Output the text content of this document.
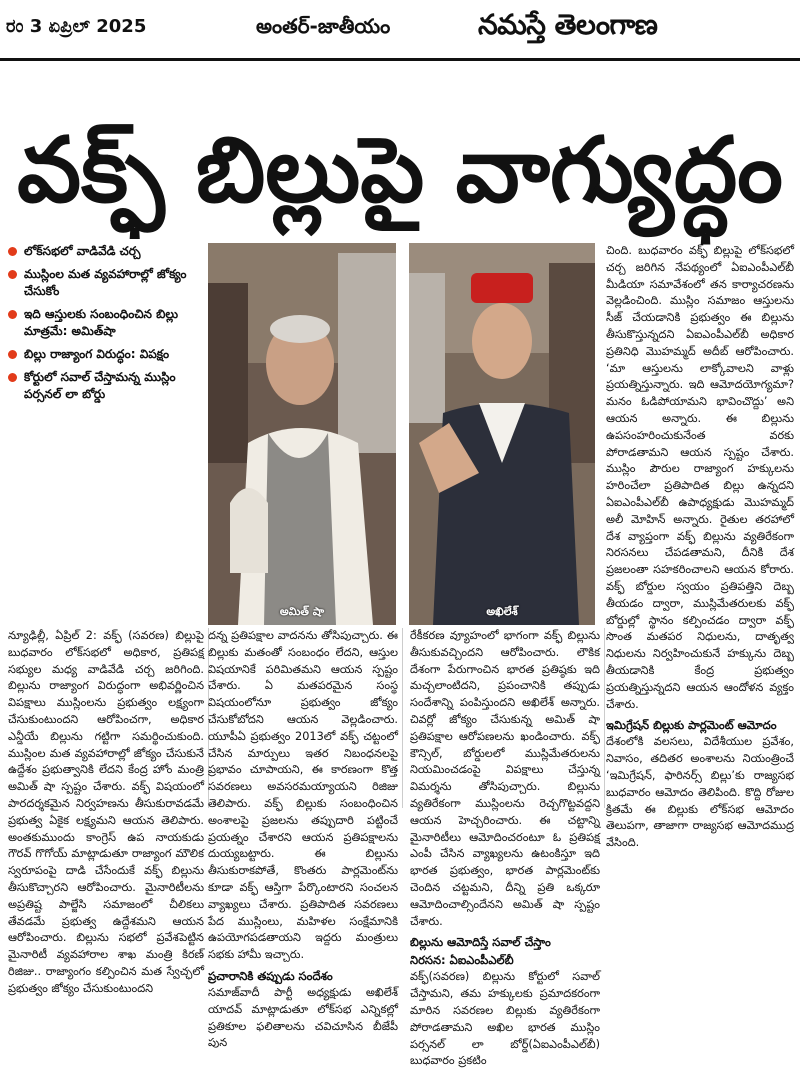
ರಂ 3 ಏಪ್ರಿಲ್ 2025	అంతర్-జాతీయం	నమస్తే తెలంగాణ
వక్ఫ్ బిల్లుపై వాగ్యుద్ధం
లోక్‌సభలో వాడివేడి చర్చ
ముస్లింల మత వ్యవహారాల్లో జోక్యం చేసుకోం
ఇది ఆస్తులకు సంబంధించిన బిల్లు మాత్రమే: అమిత్‌షా
బిల్లు రాజ్యాంగ విరుద్ధం: విపక్షం
కోర్టులో సవాల్ చేస్తామన్న ముస్లిం పర్సనల్ లా బోర్డు
అమిత్ షా	అఖిలేశ్

న్యూఢిల్లీ, ఏప్రిల్ 2: వక్ఫ్ (సవరణ) బిల్లుపై బుధవారం లోక్‌సభలో అధికార, ప్రతిపక్ష సభ్యుల మధ్య వాడివేడి చర్చ జరిగింది. బిల్లును రాజ్యాంగ విరుద్ధంగా అభివర్ణించిన విపక్షాలు ముస్లింలను ప్రభుత్వం లక్ష్యంగా చేసుకుంటుందని ఆరోపించగా, అధికార ఎన్డీయే బిల్లును గట్టిగా సమర్థించుకుంది. ముస్లింల మత వ్యవహారాల్లో జోక్యం చేసుకునే ఉద్దేశం ప్రభుత్వానికి లేదని కేంద్ర హోం మంత్రి అమిత్ షా స్పష్టం చేశారు. వక్ఫ్ విషయంలో పారదర్శకమైన నిర్వహణను తీసుకురావడమే ప్రభుత్వ ఏకైక లక్ష్యమని ఆయన తెలిపారు. అంతకుముందు కాంగ్రెస్ ఉప నాయకుడు గౌరవ్ గొగోయ్ మాట్లాడుతూ రాజ్యాంగ మౌలిక స్వరూపంపై దాడి చేసేందుకే వక్ఫ్ బిల్లును తీసుకొచ్చారని ఆరోపించారు. మైనారిటీలను అప్రతిష్ట పాల్జేసి సమాజంలో చీలికలు తేవడమే ప్రభుత్వ ఉద్దేశమని ఆయన ఆరోపించారు. బిల్లును సభలో ప్రవేశపెట్టిన మైనారిటీ వ్యవహారాల శాఖ మంత్రి కిరణ్ రిజిజు.. రాజ్యాంగం కల్పించిన మత స్వేచ్ఛలో ప్రభుత్వం జోక్యం చేసుకుంటుందని

దన్న ప్రతిపక్షాల వాదనను తోసిపుచ్చారు. ఈ బిల్లుకు మతంతో సంబంధం లేదని, ఆస్తుల విషయానికే పరిమితమని ఆయన స్పష్టం చేశారు. ఏ మతపరమైన సంస్థ విషయంలోనూ ప్రభుత్వం జోక్యం చేసుకోబోదని ఆయన వెల్లడించారు. యూపీఏ ప్రభుత్వం 2013లో వక్ఫ్ చట్టంలో చేసిన మార్పులు ఇతర నిబంధనలపై ప్రభావం చూపాయని, ఈ కారణంగా కొత్త సవరణలు అవసరమయ్యాయని రిజిజు తెలిపారు. వక్ఫ్ బిల్లుకు సంబంధించిన అంశాలపై ప్రజలను తప్పుదారి పట్టించే ప్రయత్నం చేశారని ఆయన ప్రతిపక్షాలను దుయ్యబట్టారు. ఈ బిల్లును తీసుకురాకపోతే, కొంతరు పార్లమెంట్‌ను కూడా వక్ఫ్ ఆస్తిగా పేర్కొంటారని సంచలన వ్యాఖ్యలు చేశారు. ప్రతిపాదిత సవరణలు పేద ముస్లింలు, మహిళల సంక్షేమానికి ఉపయోగపడతాయని ఇద్దరు మంత్రులు సభకు హామీ ఇచ్చారు.

ప్రచారానికి తప్పుడు సందేశం

సమాజ్‌వాదీ పార్టీ అధ్యక్షుడు అఖిలేశ్ యాదవ్ మాట్లాడుతూ లోక్‌సభ ఎన్నికల్లో ప్రతికూల ఫలితాలను చవిచూసిన బీజేపీ పున

రేకీకరణ వ్యూహంలో భాగంగా వక్ఫ్ బిల్లును తీసుకువచ్చిందని ఆరోపించారు. లౌకిక దేశంగా పేరుగాంచిన భారత ప్రతిష్ఠకు ఇది మచ్చలాంటిదని, ప్రపంచానికి తప్పుడు సందేశాన్ని పంపిస్తుందని అఖిలేశ్ అన్నారు. చివర్లో జోక్యం చేసుకున్న అమిత్ షా ప్రతిపక్షాల ఆరోపణలను ఖండించారు. వక్ఫ్ కౌన్సిల్, బోర్డులలో ముస్లిమేతరులను నియమించడంపై విపక్షాలు చేస్తున్న విమర్శను తోసిపుచ్చారు. బిల్లును వ్యతిరేకంగా ముస్లింలను రెచ్చగొట్టవద్దని ఆయన హెచ్చరించారు. ఈ చట్టాన్ని మైనారిటీలు ఆమోదించరంటూ ఓ ప్రతిపక్ష ఎంపీ చేసిన వ్యాఖ్యలను ఉటంకిస్తూ ఇది భారత ప్రభుత్వం, భారత పార్లమెంట్‌కు చెందిన చట్టమని, దీన్ని ప్రతి ఒక్కరూ ఆమోదించాల్సిందేనని అమిత్ షా స్పష్టం చేశారు.

బిల్లును ఆమోదిస్తే సవాల్ చేస్తాం
నిరసన: ఏఐఎంపీఎల్‌బీ

వక్ఫ్(సవరణ) బిల్లును కోర్టులో సవాల్ చేస్తామని, తమ హక్కులకు ప్రమాదకరంగా మారిన సవరణల బిల్లుకు వ్యతిరేకంగా పోరాడతామని అఖిల భారత ముస్లిం పర్సనల్ లా బోర్డ్(ఏఐఎంపీఎల్‌బీ) బుధవారం ప్రకటిం

చింది. బుధవారం వక్ఫ్ బిల్లుపై లోక్‌సభలో చర్చ జరిగిన నేపథ్యంలో ఏఐఎంపీఎల్‌బీ మీడియా సమావేశంలో తన కార్యాచరణను వెల్లడించింది. ముస్లిం సమాజం ఆస్తులను సీజ్ చేయడానికి ప్రభుత్వం ఈ బిల్లును తీసుకొస్తున్నదని ఏఐఎంపీఎల్‌బీ అధికార ప్రతినిధి మొహమ్మద్ అదీబ్ ఆరోపించారు. ‘మా ఆస్తులను లాక్కోవాలని వాళ్లు ప్రయత్నిస్తున్నారు. ఇది ఆమోదయోగ్యమా? మనం ఓడిపోయామని భావించొద్దు’ అని ఆయన అన్నారు. ఈ బిల్లును ఉపసంహరించుకునేంత వరకు పోరాడతామని ఆయన స్పష్టం చేశారు. ముస్లిం పౌరుల రాజ్యాంగ హక్కులను హరించేలా ప్రతిపాదిత బిల్లు ఉన్నదని ఏఐఎంపీఎల్‌బీ ఉపాధ్యక్షుడు మొహమ్మద్ అలీ మోహిన్ అన్నారు. రైతుల తరహాలో దేశ వ్యాప్తంగా వక్ఫ్ బిల్లును వ్యతిరేకంగా నిరసనలు చేపడతామని, దీనికి దేశ ప్రజలంతా సహకరించాలని ఆయన కోరారు. వక్ఫ్ బోర్డుల స్వయం ప్రతిపత్తిని దెబ్బ తీయడం ద్వారా, ముస్లిమేతరులకు వక్ఫ్ బోర్డుల్లో స్థానం కల్పించడం ద్వారా వక్ఫ్ సొంత మతపర నిధులను, దాతృత్వ నిధులను నిర్వహించుకునే హక్కును దెబ్బ తీయడానికి కేంద్ర ప్రభుత్వం ప్రయత్నిస్తున్నదని ఆయన ఆందోళన వ్యక్తం చేశారు.

ఇమిగ్రేషన్ బిల్లుకు పార్లమెంట్ ఆమోదం

దేశంలోకి వలసలు, విదేశీయుల ప్రవేశం, నివాసం, తదితర అంశాలను నియంత్రించే ‘ఇమిగ్రేషన్, ఫారినర్స్ బిల్లు’కు రాజ్యసభ బుధవారం ఆమోదం తెలిపింది. కొద్ది రోజుల క్రితమే ఈ బిల్లుకు లోక్‌సభ ఆమోదం తెలుపగా, తాజాగా రాజ్యసభ ఆమోదముద్ర వేసింది.
